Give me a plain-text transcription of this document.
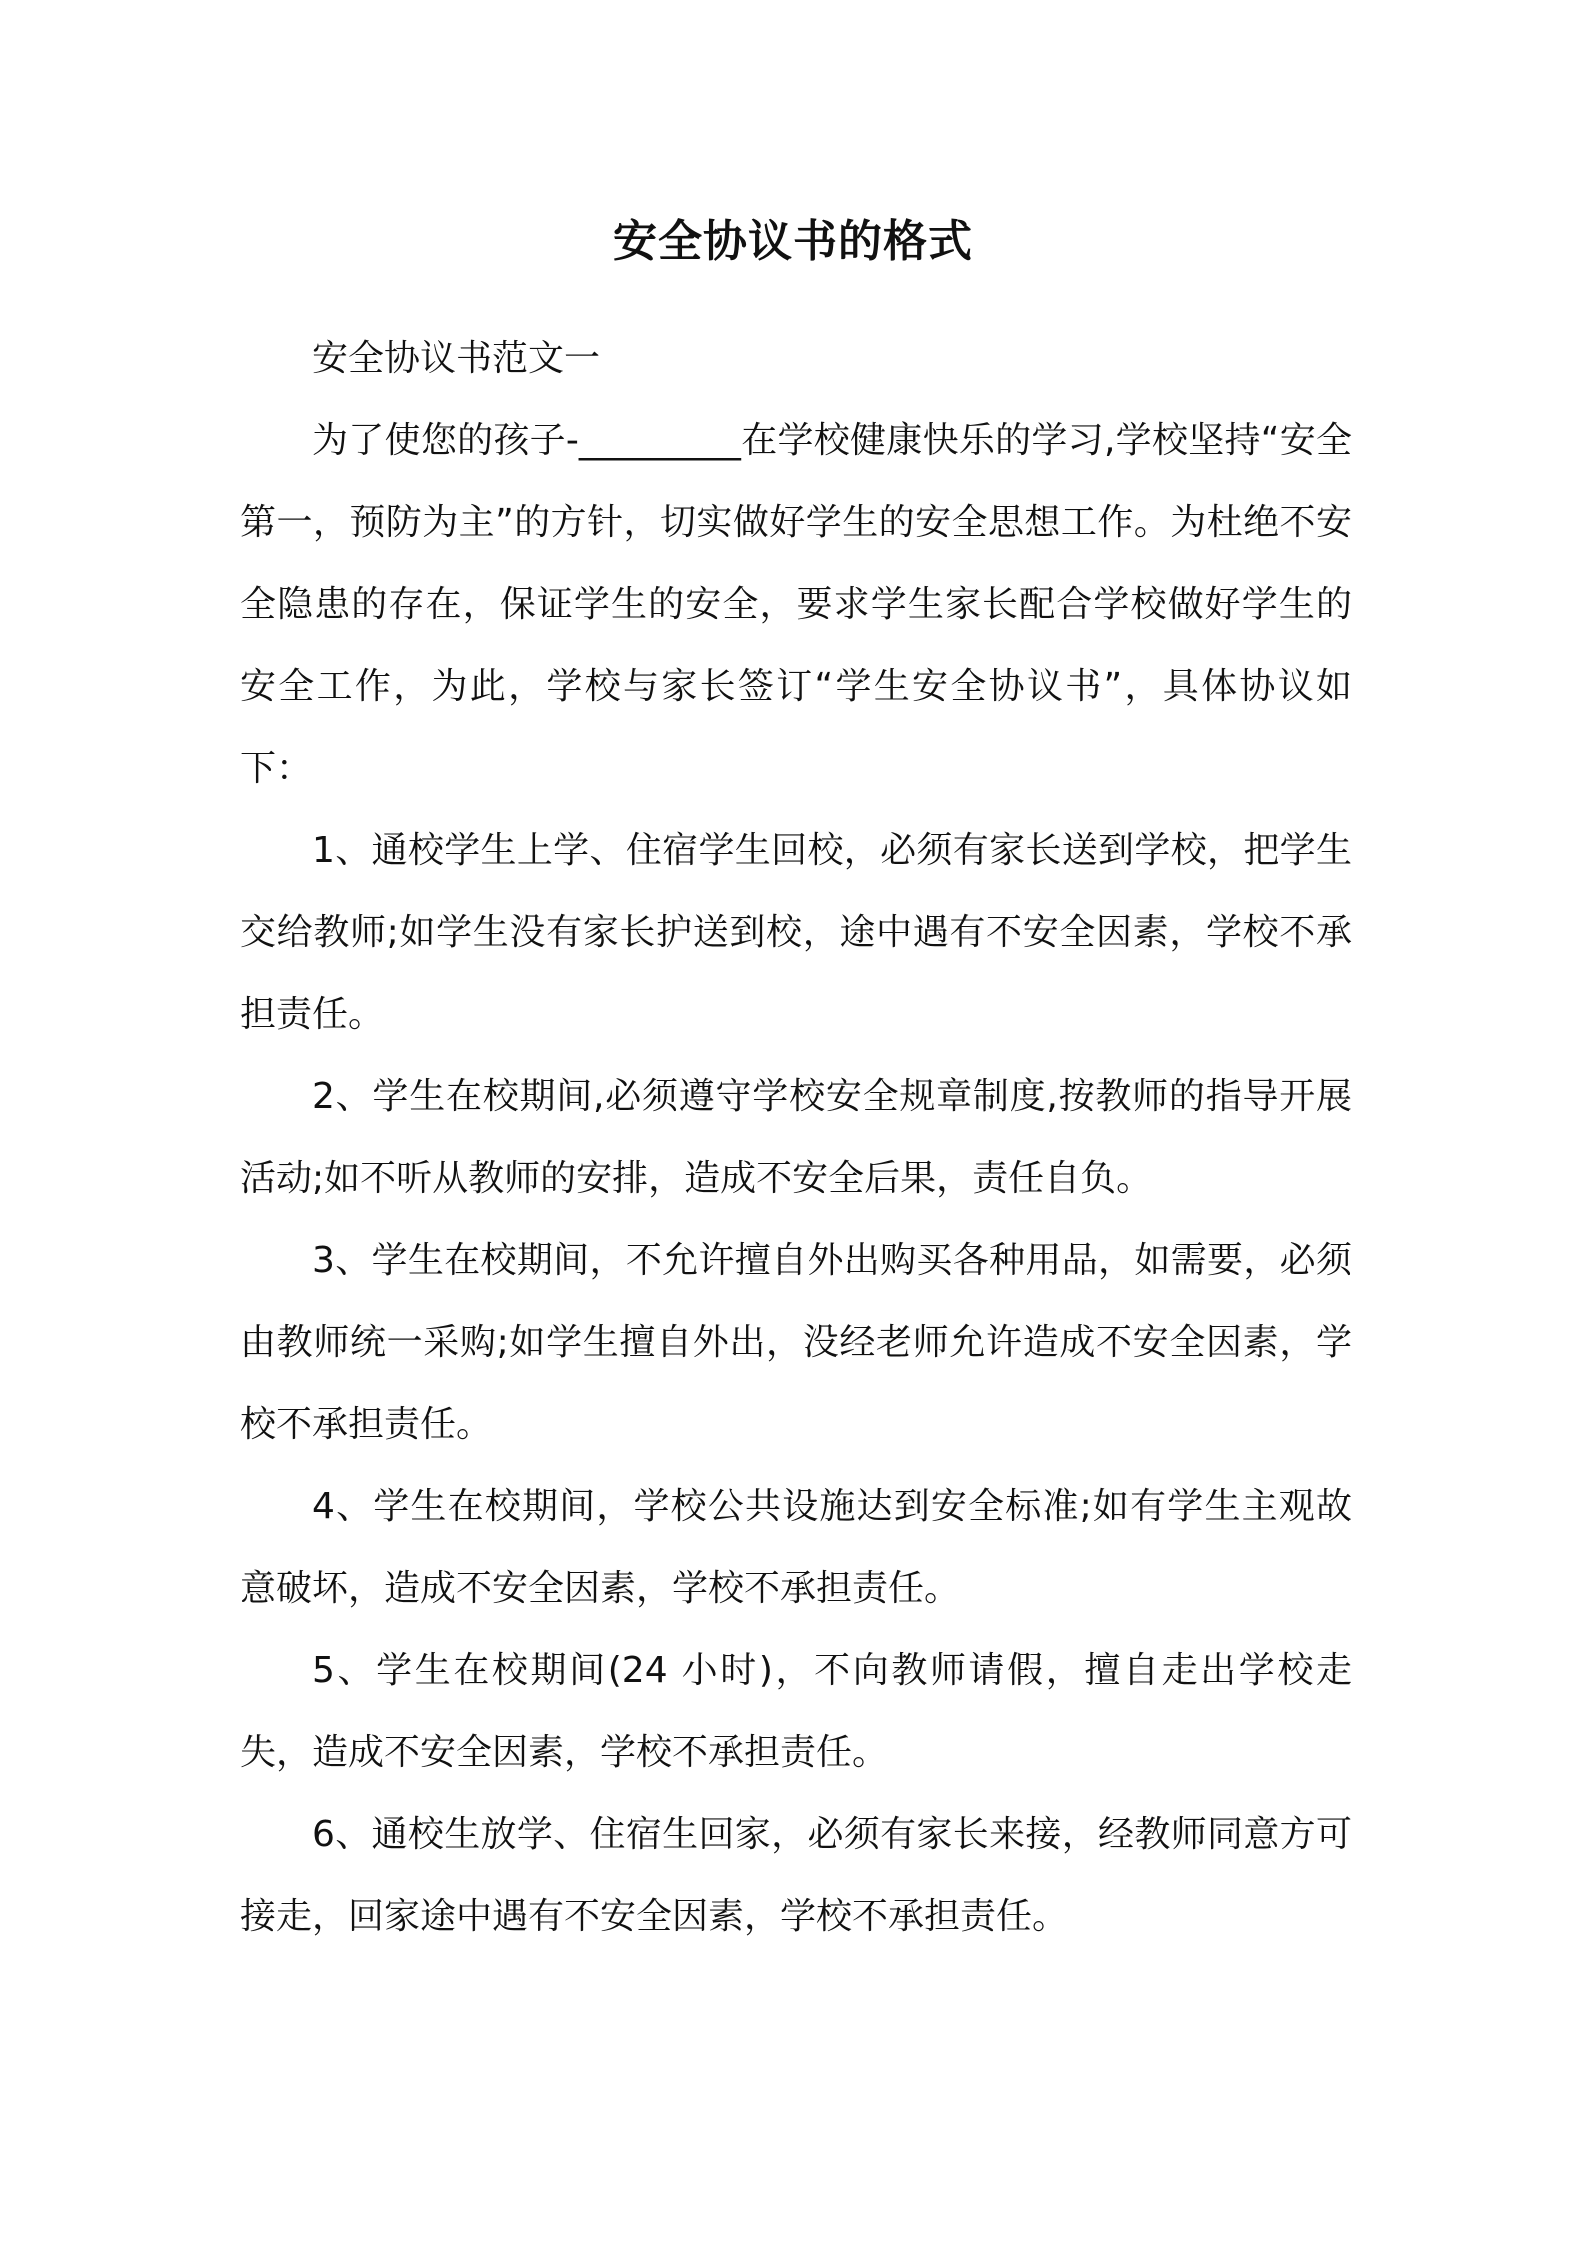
安全协议书的格式

安全协议书范文一

为了使您的孩子-_________在学校健康快乐的学习,学校坚持“安全第一，预防为主”的方针，切实做好学生的安全思想工作。为杜绝不安全隐患的存在，保证学生的安全，要求学生家长配合学校做好学生的安全工作，为此，学校与家长签订“学生安全协议书”，具体协议如下：

1、通校学生上学、住宿学生回校，必须有家长送到学校，把学生交给教师;如学生没有家长护送到校，途中遇有不安全因素，学校不承担责任。

2、学生在校期间,必须遵守学校安全规章制度,按教师的指导开展活动;如不听从教师的安排，造成不安全后果，责任自负。

3、学生在校期间，不允许擅自外出购买各种用品，如需要，必须由教师统一采购;如学生擅自外出，没经老师允许造成不安全因素，学校不承担责任。

4、学生在校期间，学校公共设施达到安全标准;如有学生主观故意破坏，造成不安全因素，学校不承担责任。

5、学生在校期间(24 小时)，不向教师请假，擅自走出学校走失，造成不安全因素，学校不承担责任。

6、通校生放学、住宿生回家，必须有家长来接，经教师同意方可接走，回家途中遇有不安全因素，学校不承担责任。
